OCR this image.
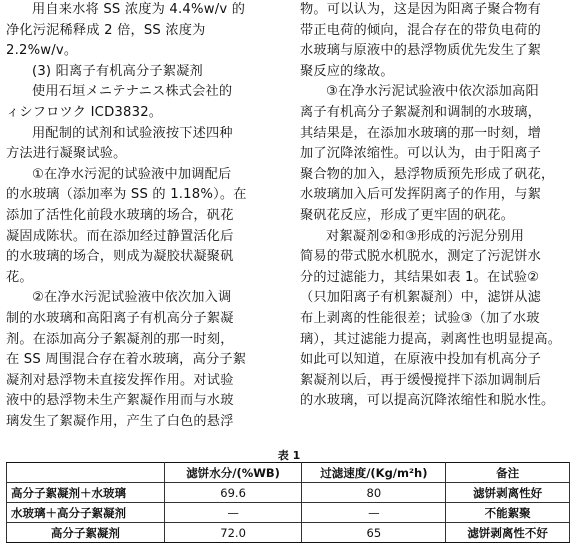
用自来水将 SS 浓度为 4.4%w/v 的
净化污泥稀释成 2 倍，SS 浓度为
2.2%w/v。
(3) 阳离子有机高分子絮凝剂
使用石垣メニテナニス株式会社的
ィシフロツク ICD3832。
用配制的试剂和试验液按下述四种
方法进行凝聚试验。
①在净水污泥的试验液中加调配后
的水玻璃（添加率为 SS 的 1.18%）。在
添加了活性化前段水玻璃的场合，矾花
凝固成陈状。而在添加经过静置活化后
的水玻璃的场合，则成为凝胶状凝聚矾
花。
②在净水污泥试验液中依次加入调
制的水玻璃和高阳离子有机高分子絮凝
剂。在添加高分子絮凝剂的那一时刻，
在 SS 周围混合存在着水玻璃，高分子絮
凝剂对悬浮物未直接发挥作用。对试验
液中的悬浮物未生产絮凝作用而与水玻
璃发生了絮凝作用，产生了白色的悬浮

物。可以认为，这是因为阳离子聚合物有
带正电荷的倾向，混合存在的带负电荷的
水玻璃与原液中的悬浮物质优先发生了絮
聚反应的缘故。
③在净水污泥试验液中依次添加高阳
离子有机高分子絮凝剂和调制的水玻璃，
其结果是，在添加水玻璃的那一时刻，增
加了沉降浓缩性。可以认为，由于阳离子
聚合物的加入，悬浮物质预先形成了矾花，
水玻璃加入后可发挥阴离子的作用，与絮
聚矾花反应，形成了更牢固的矾花。
对絮凝剂②和③形成的污泥分别用
简易的带式脱水机脱水，测定了污泥饼水
分的过滤能力，其结果如表 1。在试验②
（只加阳离子有机絮凝剂）中，滤饼从滤
布上剥离的性能很差；试验③（加了水玻
璃），其过滤能力提高，剥离性也明显提高。
如此可以知道，在原液中投加有机高分子
絮凝剂以后，再于缓慢搅拌下添加调制后
的水玻璃，可以提高沉降浓缩性和脱水性。

表 1
	滤饼水分/(%WB)	过滤速度/(Kg/m²h)	备注
高分子絮凝剂＋水玻璃	69.6	80	滤饼剥离性好
水玻璃＋高分子絮凝剂	—	—	不能絮聚
高分子絮凝剂	72.0	65	滤饼剥离性不好
